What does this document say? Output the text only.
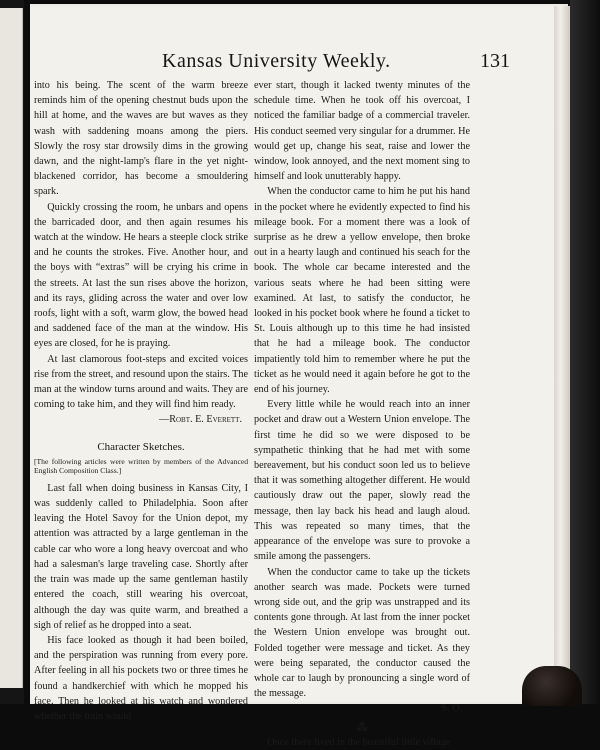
Kansas University Weekly.	131

into his being. The scent of the warm breeze reminds him of the opening chestnut buds upon the hill at home, and the waves are but waves as they wash with saddening moans among the piers. Slowly the rosy star drowsily dims in the growing dawn, and the night-lamp's flare in the yet night-blackened corridor, has become a smouldering spark.

Quickly crossing the room, he unbars and opens the barricaded door, and then again resumes his watch at the window. He hears a steeple clock strike and he counts the strokes. Five. Another hour, and the boys with “extras” will be crying his crime in the streets. At last the sun rises above the horizon, and its rays, gliding across the water and over low roofs, light with a soft, warm glow, the bowed head and saddened face of the man at the window. His eyes are closed, for he is praying.

At last clamorous foot-steps and excited voices rise from the street, and resound upon the stairs. The man at the window turns around and waits. They are coming to take him, and they will find him ready.

—Robt. E. Everett.

Character Sketches.
[The following articles were written by members of the Advanced English Composition Class.]

Last fall when doing business in Kansas City, I was suddenly called to Philadelphia. Soon after leaving the Hotel Savoy for the Union depot, my attention was attracted by a large gentleman in the cable car who wore a long heavy overcoat and who had a salesman's large traveling case. Shortly after the train was made up the same gentleman hastily entered the coach, still wearing his overcoat, although the day was quite warm, and breathed a sigh of relief as he dropped into a seat.

His face looked as though it had been boiled, and the perspiration was running from every pore. After feeling in all his pockets two or three times he found a handkerchief with which he mopped his face. Then he looked at his watch and wondered whether the train would

ever start, though it lacked twenty minutes of the schedule time. When he took off his overcoat, I noticed the familiar badge of a commercial traveler. His conduct seemed very singular for a drummer. He would get up, change his seat, raise and lower the window, look annoyed, and the next moment sing to himself and look unutterably happy.

When the conductor came to him he put his hand in the pocket where he evidently expected to find his mileage book. For a moment there was a look of surprise as he drew a yellow envelope, then broke out in a hearty laugh and continued his seach for the book. The whole car became interested and the various seats where he had been sitting were examined. At last, to satisfy the conductor, he looked in his pocket book where he found a ticket to St. Louis although up to this time he had insisted that he had a mileage book. The conductor impatiently told him to remember where he put the ticket as he would need it again before he got to the end of his journey.

Every little while he would reach into an inner pocket and draw out a Western Union envelope. The first time he did so we were disposed to be sympathetic thinking that he had met with some bereavement, but his conduct soon led us to believe that it was something altogether different. He would cautiously draw out the paper, slowly read the message, then lay back his head and laugh aloud. This was repeated so many times, that the appearance of the envelope was sure to provoke a smile among the passengers.

When the conductor came to take up the tickets another search was made. Pockets were turned wrong side out, and the grip was unstrapped and its contents gone through. At last from the inner pocket the Western Union envelope was brought out. Folded together were message and ticket. As they were being separated, the conductor caused the whole car to laugh by pronouncing a single word of the message.

S. O.

⁂

Once there lived in the beautiful little village
